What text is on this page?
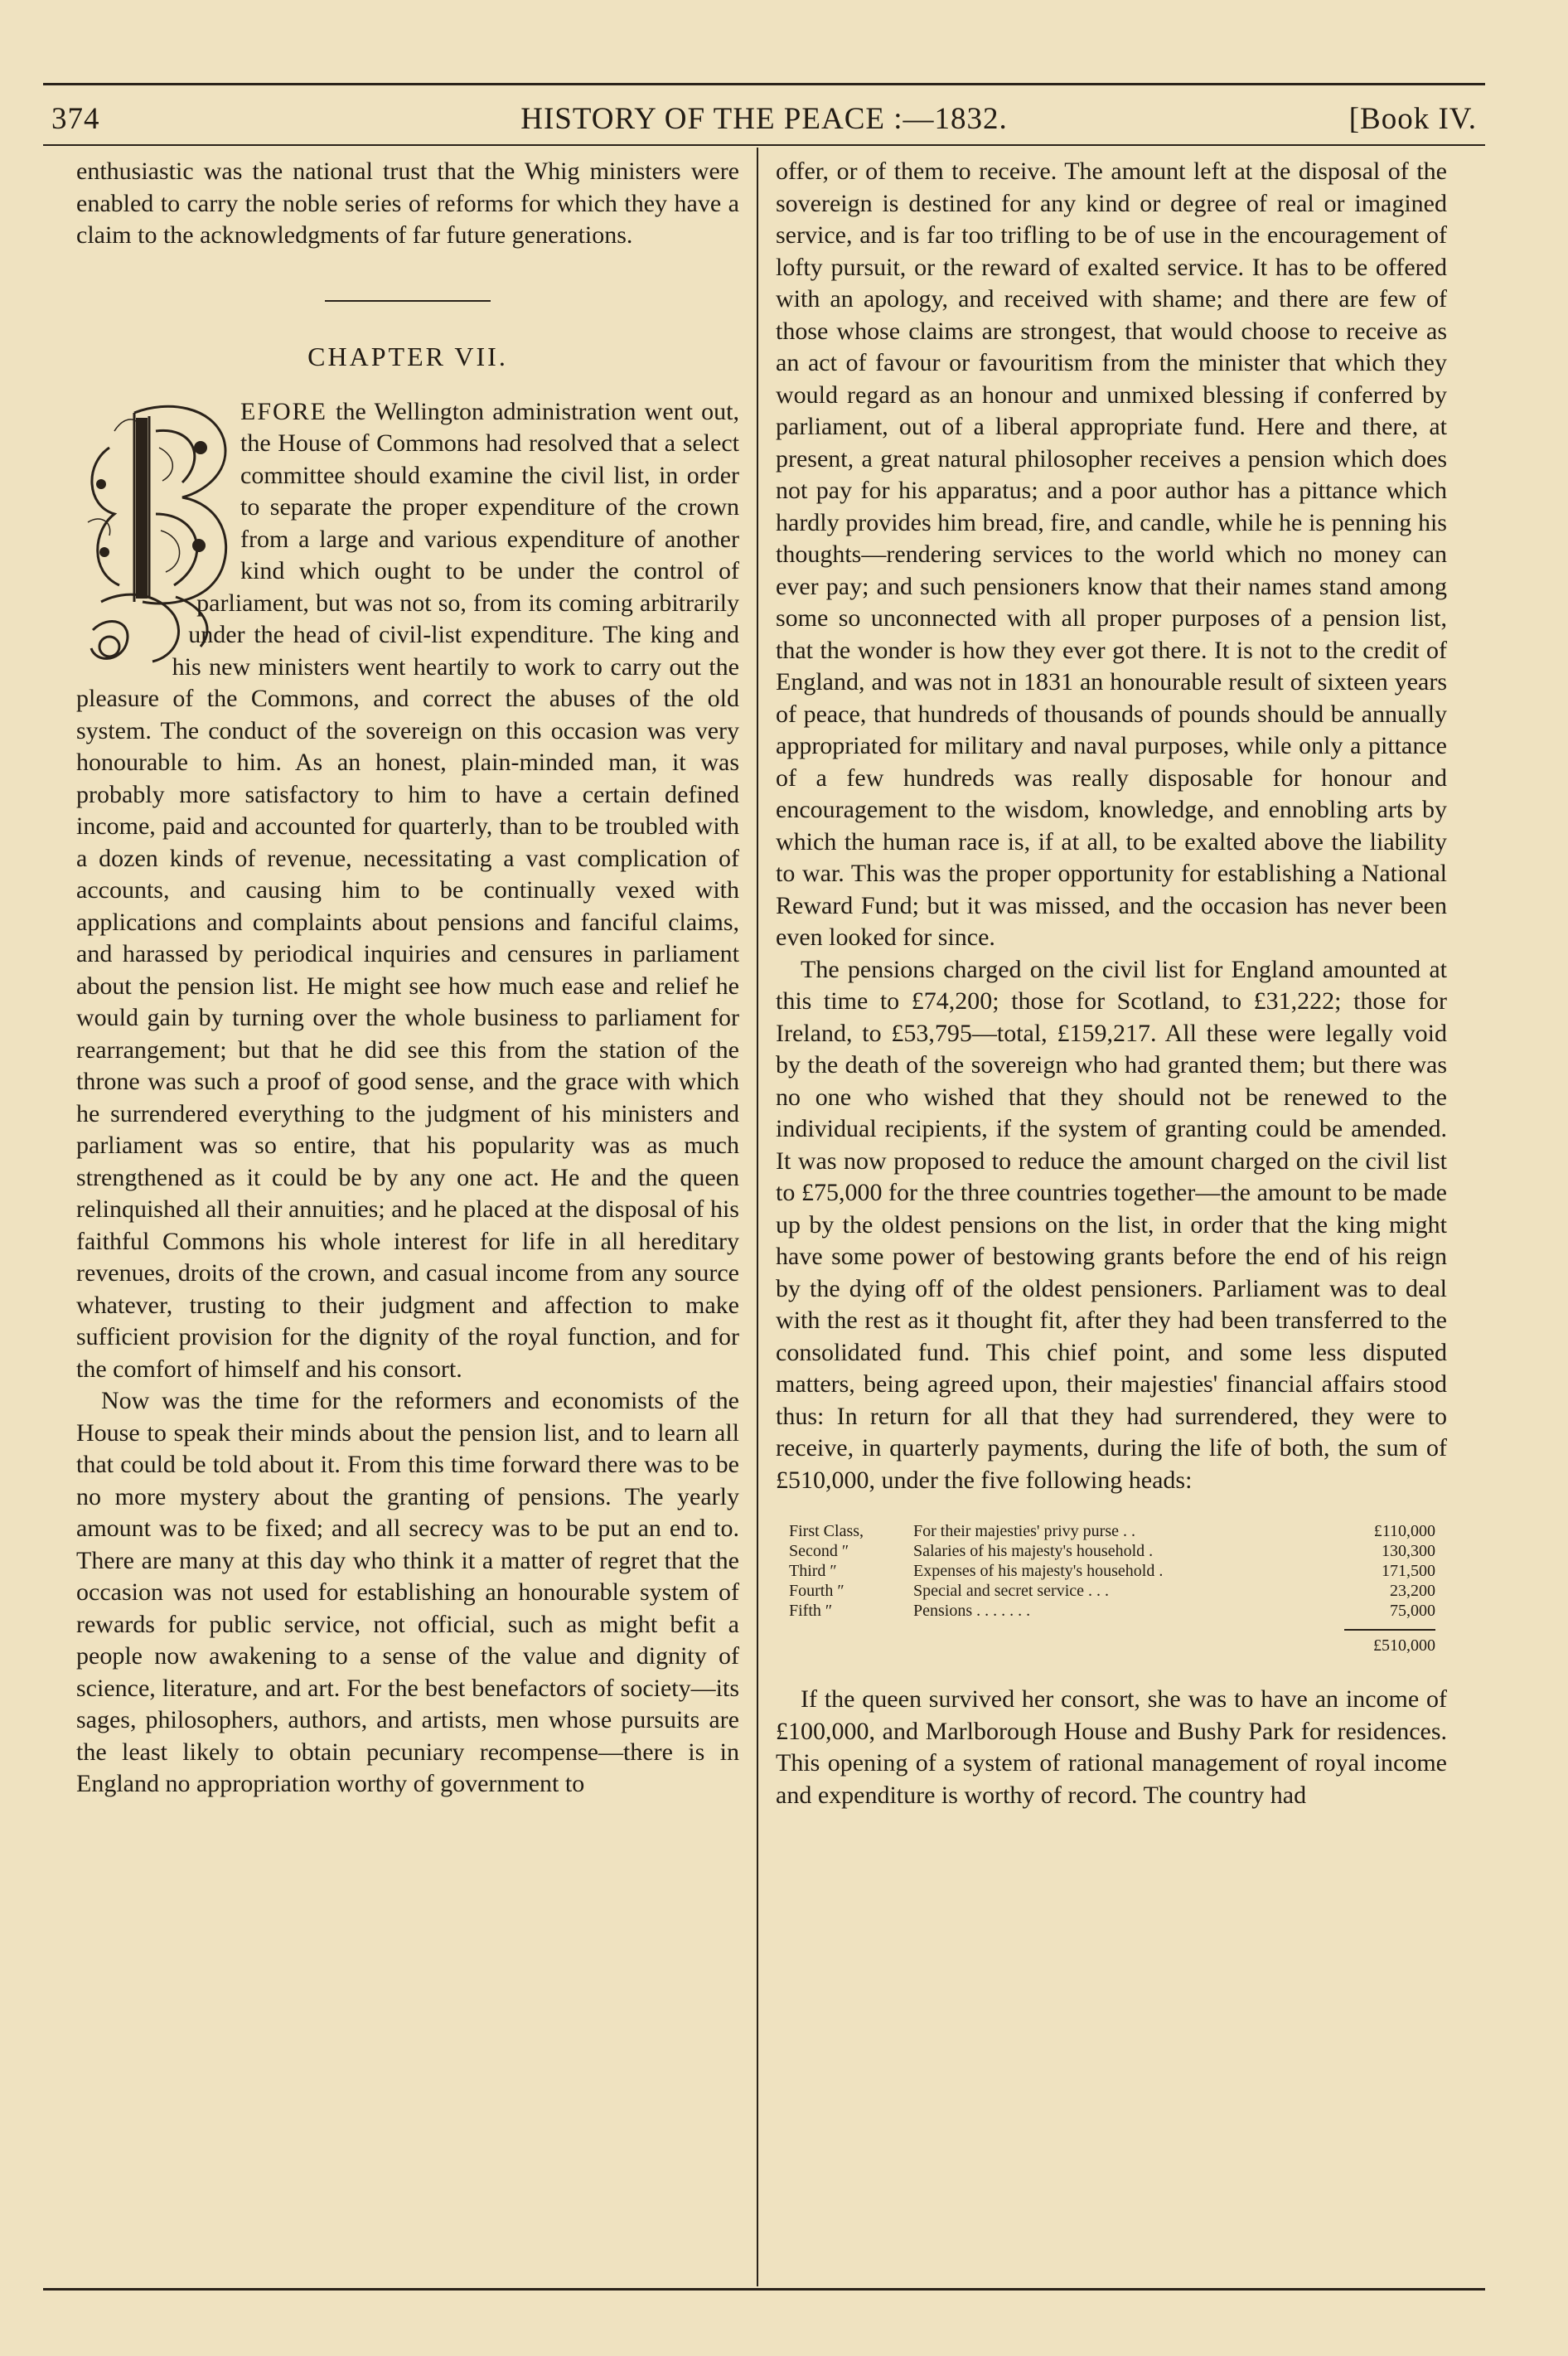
374	HISTORY OF THE PEACE :—1832.	[Book IV.

enthusiastic was the national trust that the Whig ministers were enabled to carry the noble series of reforms for which they have a claim to the acknowledgments of far future generations.

CHAPTER VII.

EFORE the Wellington administration went out, the House of Commons had resolved that a select committee should examine the civil list, in order to separate the proper expenditure of the crown from a large and various expenditure of another kind which ought to be under the control of parliament, but was not so, from its coming arbitrarily under the head of civil-list expenditure. The king and his new ministers went heartily to work to carry out the pleasure of the Commons, and correct the abuses of the old system. The conduct of the sovereign on this occasion was very honourable to him. As an honest, plain-minded man, it was probably more satisfactory to him to have a certain defined income, paid and accounted for quarterly, than to be troubled with a dozen kinds of revenue, necessitating a vast complication of accounts, and causing him to be continually vexed with applications and complaints about pensions and fanciful claims, and harassed by periodical inquiries and censures in parliament about the pension list. He might see how much ease and relief he would gain by turning over the whole business to parliament for rearrangement; but that he did see this from the station of the throne was such a proof of good sense, and the grace with which he surrendered everything to the judgment of his ministers and parliament was so entire, that his popularity was as much strengthened as it could be by any one act. He and the queen relinquished all their annuities; and he placed at the disposal of his faithful Commons his whole interest for life in all hereditary revenues, droits of the crown, and casual income from any source whatever, trusting to their judgment and affection to make sufficient provision for the dignity of the royal function, and for the comfort of himself and his consort.

Now was the time for the reformers and economists of the House to speak their minds about the pension list, and to learn all that could be told about it. From this time forward there was to be no more mystery about the granting of pensions. The yearly amount was to be fixed; and all secrecy was to be put an end to. There are many at this day who think it a matter of regret that the occasion was not used for establishing an honourable system of rewards for public service, not official, such as might befit a people now awakening to a sense of the value and dignity of science, literature, and art. For the best benefactors of society—its sages, philosophers, authors, and artists, men whose pursuits are the least likely to obtain pecuniary recompense—there is in England no appropriation worthy of government to

offer, or of them to receive. The amount left at the disposal of the sovereign is destined for any kind or degree of real or imagined service, and is far too trifling to be of use in the encouragement of lofty pursuit, or the reward of exalted service. It has to be offered with an apology, and received with shame; and there are few of those whose claims are strongest, that would choose to receive as an act of favour or favouritism from the minister that which they would regard as an honour and unmixed blessing if conferred by parliament, out of a liberal appropriate fund. Here and there, at present, a great natural philosopher receives a pension which does not pay for his apparatus; and a poor author has a pittance which hardly provides him bread, fire, and candle, while he is penning his thoughts—rendering services to the world which no money can ever pay; and such pensioners know that their names stand among some so unconnected with all proper purposes of a pension list, that the wonder is how they ever got there. It is not to the credit of England, and was not in 1831 an honourable result of sixteen years of peace, that hundreds of thousands of pounds should be annually appropriated for military and naval purposes, while only a pittance of a few hundreds was really disposable for honour and encouragement to the wisdom, knowledge, and ennobling arts by which the human race is, if at all, to be exalted above the liability to war. This was the proper opportunity for establishing a National Reward Fund; but it was missed, and the occasion has never been even looked for since.

The pensions charged on the civil list for England amounted at this time to £74,200; those for Scotland, to £31,222; those for Ireland, to £53,795—total, £159,217. All these were legally void by the death of the sovereign who had granted them; but there was no one who wished that they should not be renewed to the individual recipients, if the system of granting could be amended. It was now proposed to reduce the amount charged on the civil list to £75,000 for the three countries together—the amount to be made up by the oldest pensions on the list, in order that the king might have some power of bestowing grants before the end of his reign by the dying off of the oldest pensioners. Parliament was to deal with the rest as it thought fit, after they had been transferred to the consolidated fund. This chief point, and some less disputed matters, being agreed upon, their majesties' financial affairs stood thus: In return for all that they had surrendered, they were to receive, in quarterly payments, during the life of both, the sum of £510,000, under the five following heads:

First Class,	For their majesties' privy purse . .	£110,000
Second ″	Salaries of his majesty's household .	130,300
Third ″	Expenses of his majesty's household .	171,500
Fourth ″	Special and secret service . . .	23,200
Fifth ″	Pensions . . . . . . .	75,000
		£510,000

If the queen survived her consort, she was to have an income of £100,000, and Marlborough House and Bushy Park for residences. This opening of a system of rational management of royal income and expenditure is worthy of record. The country had
